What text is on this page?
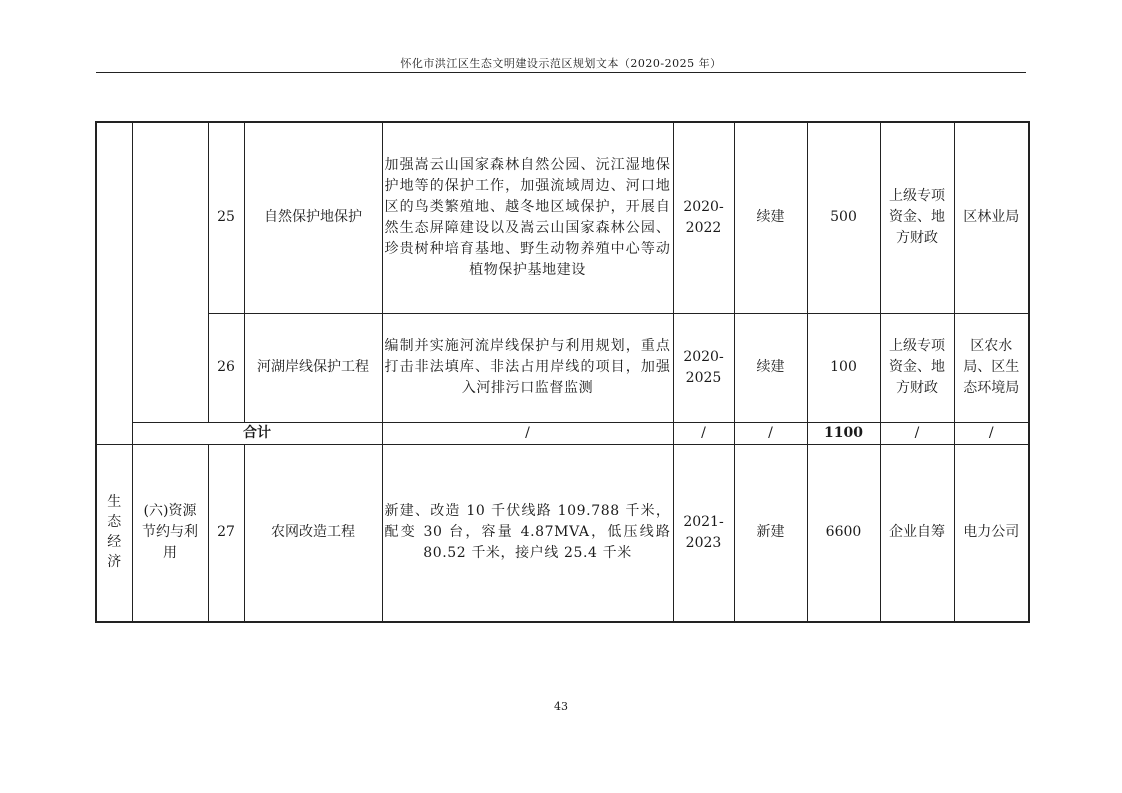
怀化市洪江区生态文明建设示范区规划文本（2020-2025 年）
		25	自然保护地保护	加强嵩云山国家森林自然公园、沅江湿地保护地等的保护工作，加强流域周边、河口地区的鸟类繁殖地、越冬地区域保护，开展自然生态屏障建设以及嵩云山国家森林公园、珍贵树种培育基地、野生动物养殖中心等动植物保护基地建设	2020-2022	续建	500	上级专项资金、地方财政	区林业局
		26	河湖岸线保护工程	编制并实施河流岸线保护与利用规划，重点打击非法填库、非法占用岸线的项目，加强入河排污口监督监测	2020-2025	续建	100	上级专项资金、地方财政	区农水局、区生态环境局
	合计			/	/	/	1100	/	/
生态经济	(六)资源节约与利用	27	农网改造工程	新建、改造 10 千伏线路 109.788 千米，配变 30 台，容量 4.87MVA，低压线路 80.52 千米，接户线 25.4 千米	2021-2023	新建	6600	企业自筹	电力公司
43
